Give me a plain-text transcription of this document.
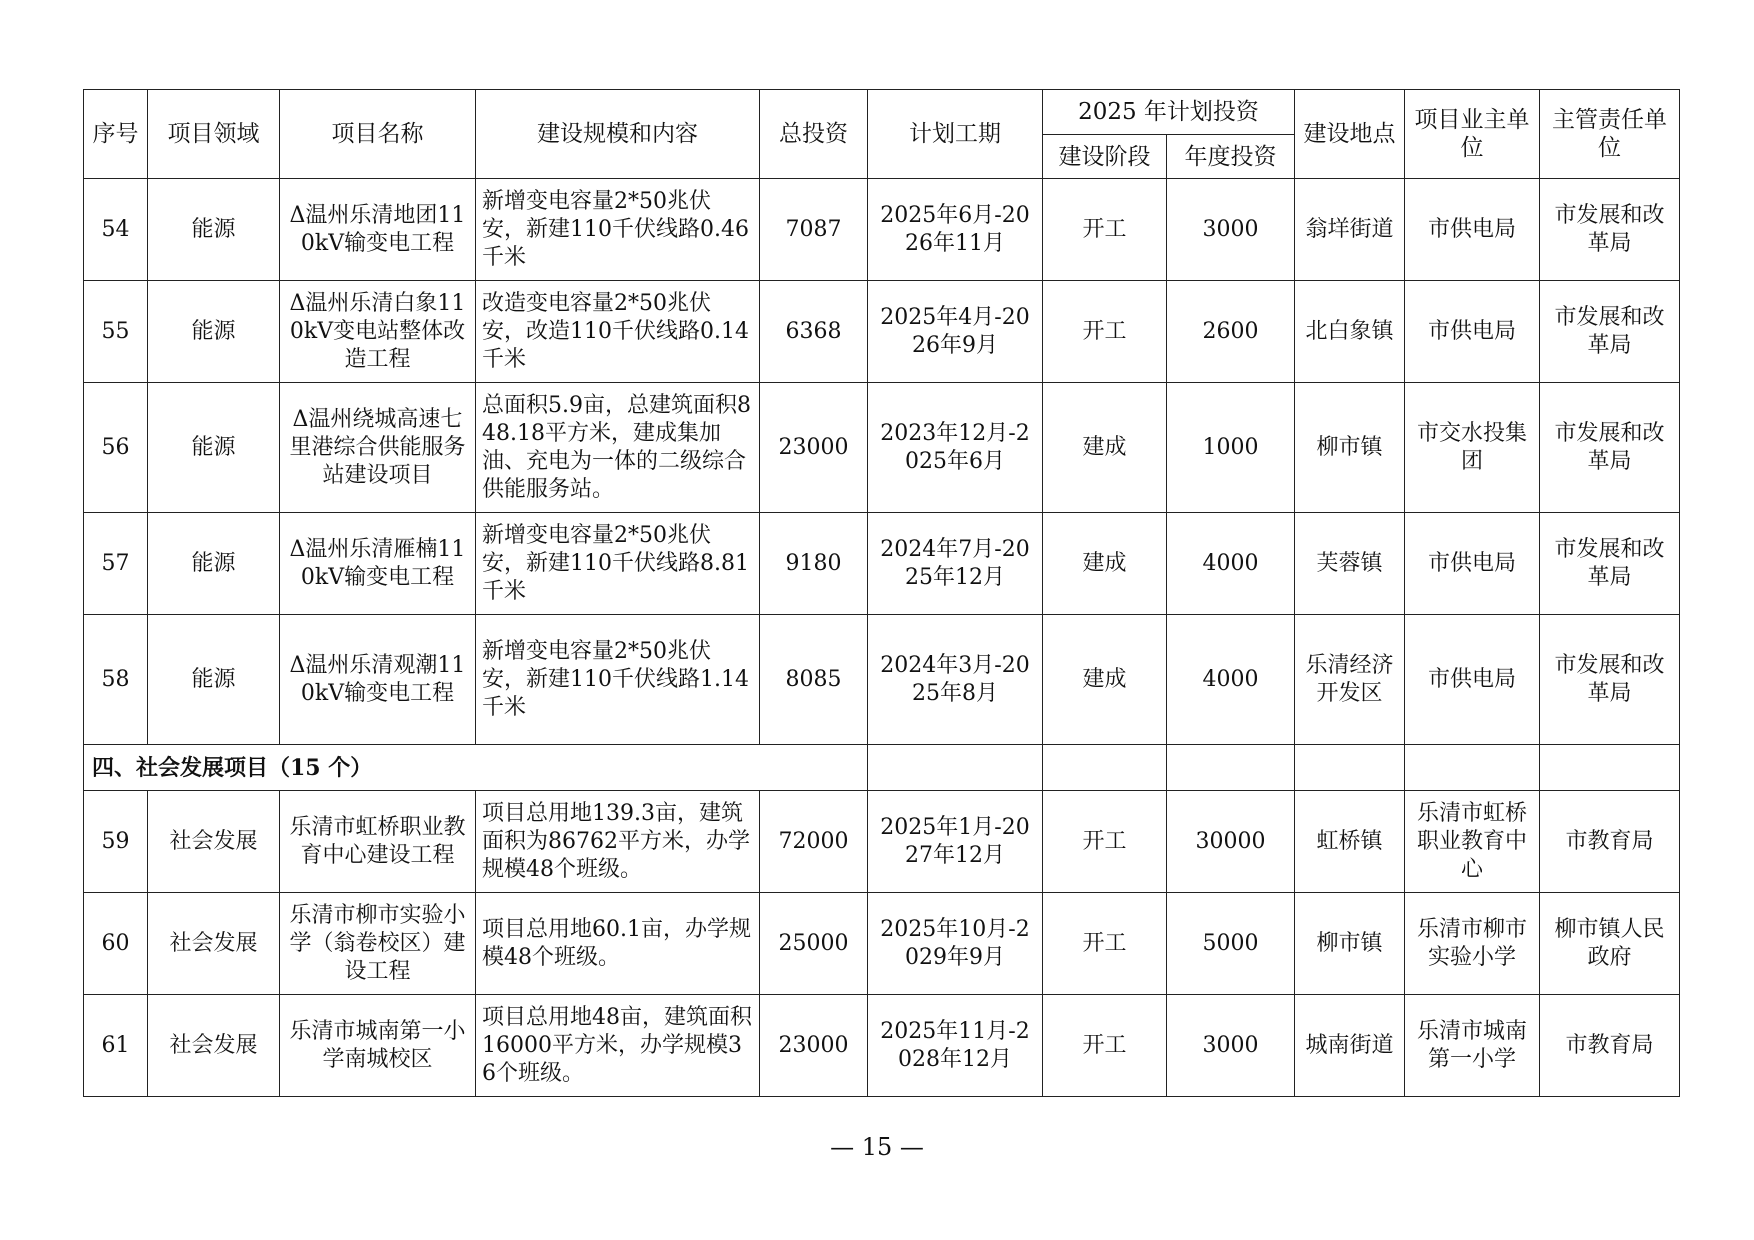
序号	项目领域	项目名称	建设规模和内容	总投资	计划工期	2025 年计划投资		建设地点	项目业主单位	主管责任单位
						建设阶段	年度投资			
54	能源	Δ温州乐清地团110kV输变电工程	新增变电容量2*50兆伏安，新建110千伏线路0.46千米	7087	2025年6月-2026年11月	开工	3000	翁垟街道	市供电局	市发展和改革局
55	能源	Δ温州乐清白象110kV变电站整体改造工程	改造变电容量2*50兆伏安，改造110千伏线路0.14千米	6368	2025年4月-2026年9月	开工	2600	北白象镇	市供电局	市发展和改革局
56	能源	Δ温州绕城高速七里港综合供能服务站建设项目	总面积5.9亩，总建筑面积848.18平方米，建成集加油、充电为一体的二级综合供能服务站。	23000	2023年12月-2025年6月	建成	1000	柳市镇	市交水投集团	市发展和改革局
57	能源	Δ温州乐清雁楠110kV输变电工程	新增变电容量2*50兆伏安，新建110千伏线路8.81千米	9180	2024年7月-2025年12月	建成	4000	芙蓉镇	市供电局	市发展和改革局
58	能源	Δ温州乐清观潮110kV输变电工程	新增变电容量2*50兆伏安，新建110千伏线路1.14千米	8085	2024年3月-2025年8月	建成	4000	乐清经济开发区	市供电局	市发展和改革局
四、社会发展项目（15 个）										
59	社会发展	乐清市虹桥职业教育中心建设工程	项目总用地139.3亩，建筑面积为86762平方米，办学规模48个班级。	72000	2025年1月-2027年12月	开工	30000	虹桥镇	乐清市虹桥职业教育中心	市教育局
60	社会发展	乐清市柳市实验小学（翁卷校区）建设工程	项目总用地60.1亩，办学规模48个班级。	25000	2025年10月-2029年9月	开工	5000	柳市镇	乐清市柳市实验小学	柳市镇人民政府
61	社会发展	乐清市城南第一小学南城校区	项目总用地48亩，建筑面积16000平方米，办学规模36个班级。	23000	2025年11月-2028年12月	开工	3000	城南街道	乐清市城南第一小学	市教育局
— 15 —
